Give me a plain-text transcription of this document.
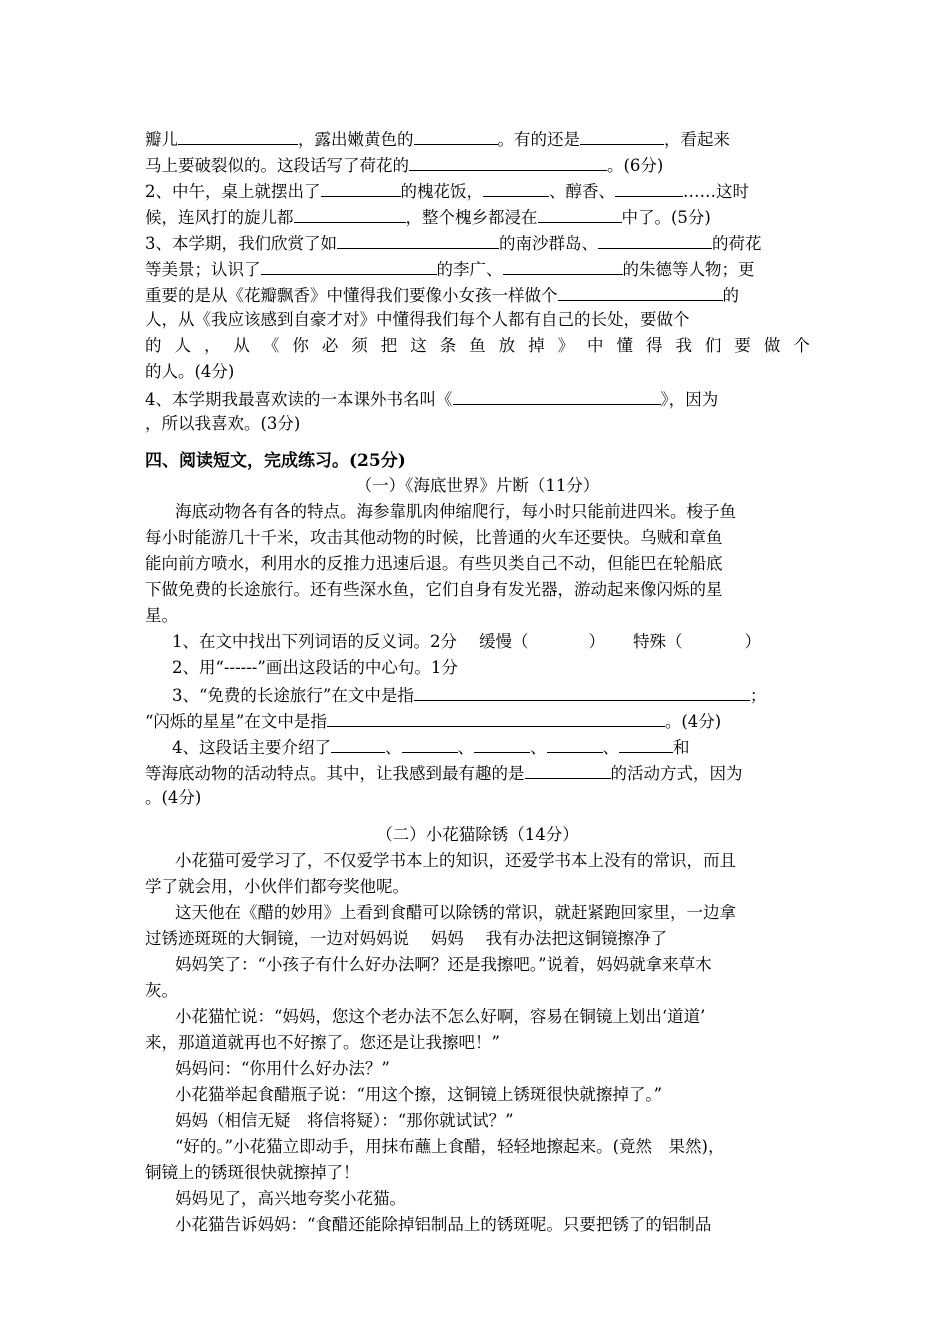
瓣儿	，露出嫩黄色的	。有的还是	，看起来
马上要破裂似的。这段话写了荷花的	。(6分)
2、中午，桌上就摆出了	的槐花饭，	、醇香、	……这时
候，连风打的旋儿都	，整个槐乡都浸在	中了。(5分)
3、本学期，我们欣赏了如	的南沙群岛、	的荷花
等美景；认识了	的李广、	的朱德等人物；更
重要的是从《花瓣飘香》中懂得我们要像小女孩一样做个	的
人，从《我应该感到自豪才对》中懂得我们每个人都有自己的长处，要做个
的 人 ， 从 《 你 必 须 把 这 条 鱼 放 掉 》 中 懂 得 我 们 要 做 个
的人。(4分)
4、本学期我最喜欢读的一本课外书名叫《	》，因为
，所以我喜欢。(3分)
四、阅读短文，完成练习。(25分)
（一）《海底世界》片断（11分）
海底动物各有各的特点。海参靠肌肉伸缩爬行，每小时只能前进四米。梭子鱼
每小时能游几十千米，攻击其他动物的时候，比普通的火车还要快。乌贼和章鱼
能向前方喷水，利用水的反推力迅速后退。有些贝类自己不动，但能巴在轮船底
下做免费的长途旅行。还有些深水鱼，它们自身有发光器，游动起来像闪烁的星
星。
1、在文中找出下列词语的反义词。2分 缓慢（	） 特殊（	）
2、用“------”画出这段话的中心句。1分
3、“免费的长途旅行”在文中是指	；
“闪烁的星星”在文中是指	。(4分)
4、这段话主要介绍了	、	、	、	、	和
等海底动物的活动特点。其中，让我感到最有趣的是	的活动方式，因为
。(4分)
（二）小花猫除锈（14分）
小花猫可爱学习了，不仅爱学书本上的知识，还爱学书本上没有的常识，而且
学了就会用，小伙伴们都夸奖他呢。
这天他在《醋的妙用》上看到食醋可以除锈的常识，就赶紧跑回家里，一边拿
过锈迹斑斑的大铜镜，一边对妈妈说　 妈妈　 我有办法把这铜镜擦净了
妈妈笑了：“小孩子有什么好办法啊？还是我擦吧。”说着，妈妈就拿来草木
灰。
小花猫忙说：“妈妈，您这个老办法不怎么好啊，容易在铜镜上划出‘道道’
来，那道道就再也不好擦了。您还是让我擦吧！”
妈妈问：“你用什么好办法？”
小花猫举起食醋瓶子说：“用这个擦，这铜镜上锈斑很快就擦掉了。”
妈妈（相信无疑　将信将疑）：“那你就试试？”
“好的。”小花猫立即动手，用抹布蘸上食醋，轻轻地擦起来。(竟然　果然)，
铜镜上的锈斑很快就擦掉了！
妈妈见了，高兴地夸奖小花猫。
小花猫告诉妈妈：“食醋还能除掉铝制品上的锈斑呢。只要把锈了的铝制品
